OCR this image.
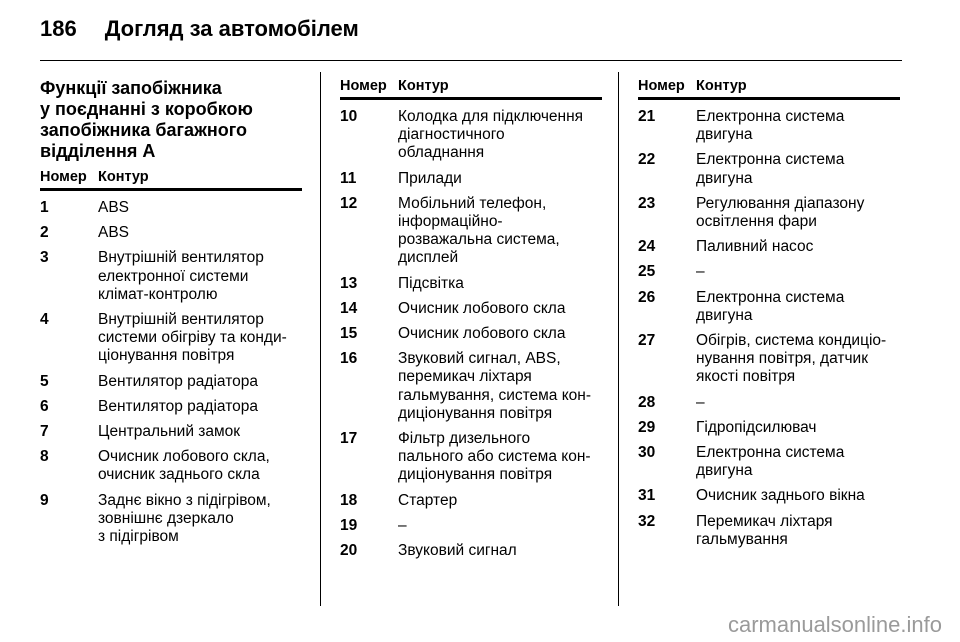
186 Догляд за автомобілем
Функції запобіжника
у поєднанні з коробкою
запобіжника багажного
відділення A
Номер Контур
1	ABS
2	ABS
3	Внутрішній вентилятор
електронної системи
клімат-контролю
4	Внутрішній вентилятор
системи обігріву та конди-
ціонування повітря
5	Вентилятор радіатора
6	Вентилятор радіатора
7	Центральний замок
8	Очисник лобового скла,
очисник заднього скла
9	Заднє вікно з підігрівом,
зовнішнє дзеркало
з підігрівом
Номер Контур
10	Колодка для підключення
діагностичного
обладнання
11	Прилади
12	Мобільний телефон,
інформаційно-
розважальна система,
дисплей
13	Підсвітка
14	Очисник лобового скла
15	Очисник лобового скла
16	Звуковий сигнал, ABS,
перемикач ліхтаря
гальмування, система кон-
диціонування повітря
17	Фільтр дизельного
пального або система кон-
диціонування повітря
18	Стартер
19	–
20	Звуковий сигнал
Номер Контур
21	Електронна система
двигуна
22	Електронна система
двигуна
23	Регулювання діапазону
освітлення фари
24	Паливний насос
25	–
26	Електронна система
двигуна
27	Обігрів, система кондиціо-
нування повітря, датчик
якості повітря
28	–
29	Гідропідсилювач
30	Електронна система
двигуна
31	Очисник заднього вікна
32	Перемикач ліхтаря
гальмування
carmanualsonline.info
